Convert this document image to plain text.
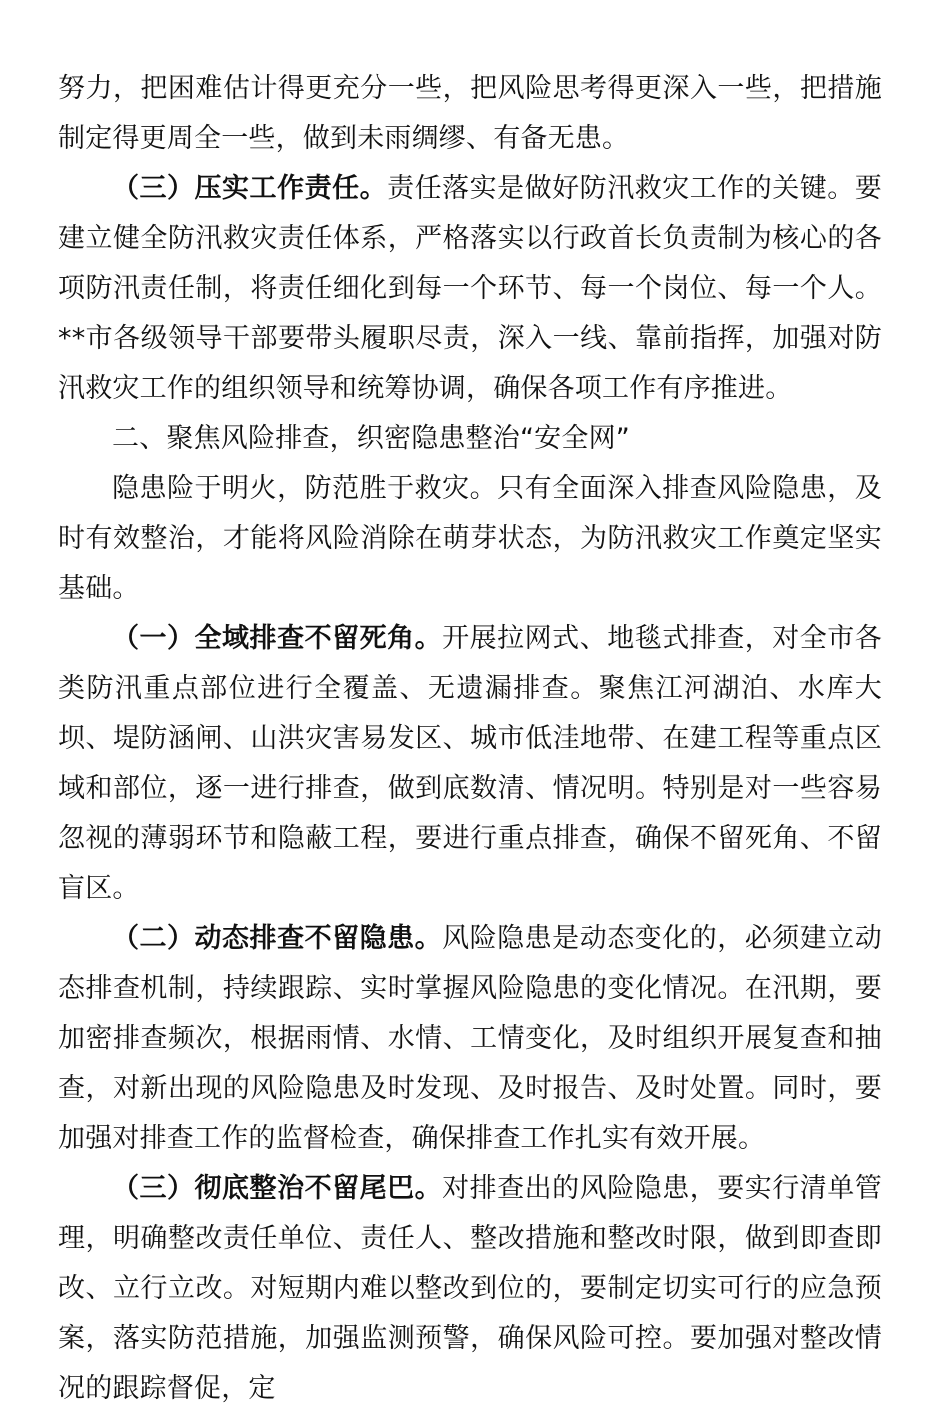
努力，把困难估计得更充分一些，把风险思考得更深入一些，把措施制定得更周全一些，做到未雨绸缪、有备无患。

（三）压实工作责任。责任落实是做好防汛救灾工作的关键。要建立健全防汛救灾责任体系，严格落实以行政首长负责制为核心的各项防汛责任制，将责任细化到每一个环节、每一个岗位、每一个人。**市各级领导干部要带头履职尽责，深入一线、靠前指挥，加强对防汛救灾工作的组织领导和统筹协调，确保各项工作有序推进。

二、聚焦风险排查，织密隐患整治“安全网”

隐患险于明火，防范胜于救灾。只有全面深入排查风险隐患，及时有效整治，才能将风险消除在萌芽状态，为防汛救灾工作奠定坚实基础。

（一）全域排查不留死角。开展拉网式、地毯式排查，对全市各类防汛重点部位进行全覆盖、无遗漏排查。聚焦江河湖泊、水库大坝、堤防涵闸、山洪灾害易发区、城市低洼地带、在建工程等重点区域和部位，逐一进行排查，做到底数清、情况明。特别是对一些容易忽视的薄弱环节和隐蔽工程，要进行重点排查，确保不留死角、不留盲区。

（二）动态排查不留隐患。风险隐患是动态变化的，必须建立动态排查机制，持续跟踪、实时掌握风险隐患的变化情况。在汛期，要加密排查频次，根据雨情、水情、工情变化，及时组织开展复查和抽查，对新出现的风险隐患及时发现、及时报告、及时处置。同时，要加强对排查工作的监督检查，确保排查工作扎实有效开展。

（三）彻底整治不留尾巴。对排查出的风险隐患，要实行清单管理，明确整改责任单位、责任人、整改措施和整改时限，做到即查即改、立行立改。对短期内难以整改到位的，要制定切实可行的应急预案，落实防范措施，加强监测预警，确保风险可控。要加强对整改情况的跟踪督促，定
